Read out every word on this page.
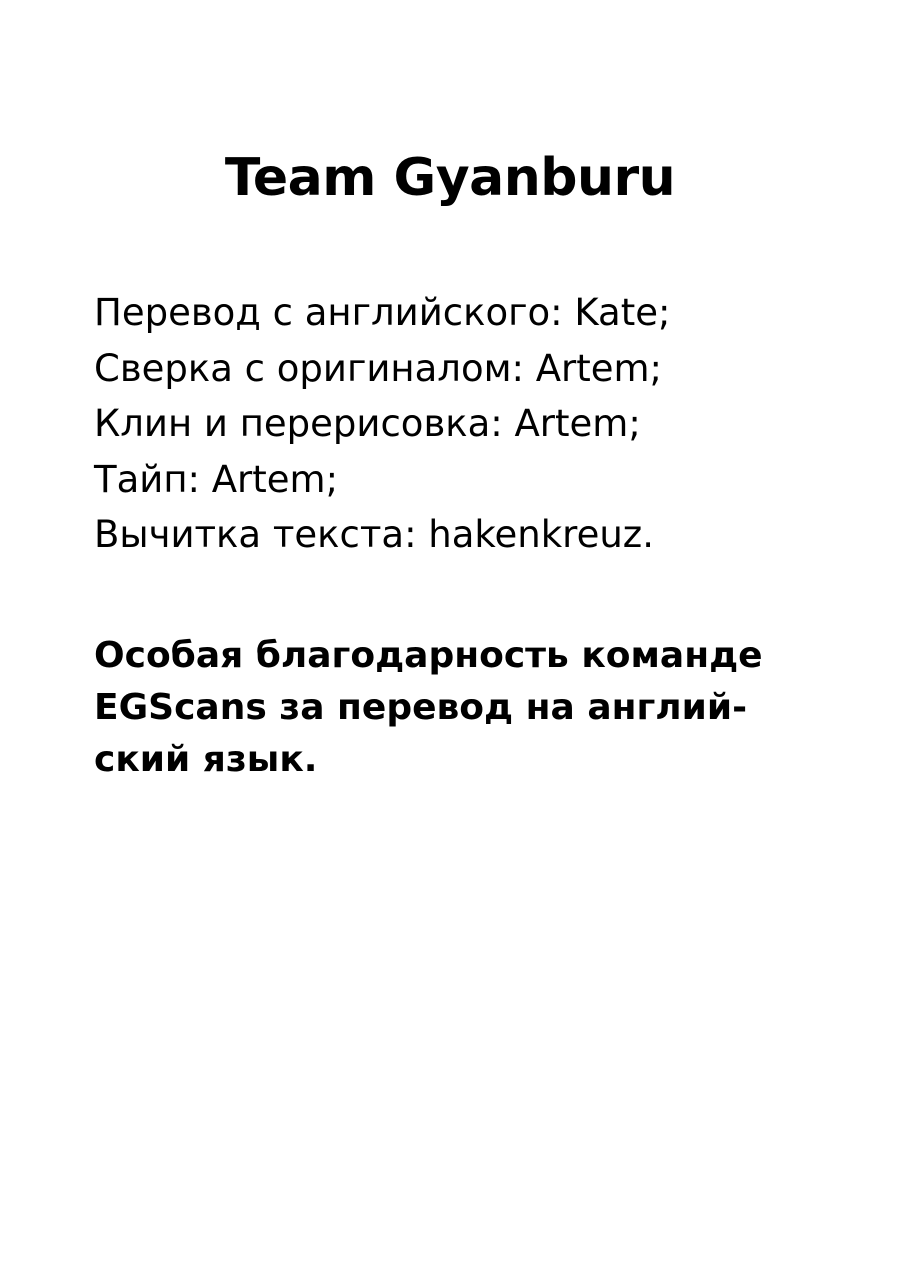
Team Gyanburu
Перевод с английского: Kate;
Сверка с оригиналом: Artem;
Клин и перерисовка: Artem;
Тайп: Artem;
Вычитка текста: hakenkreuz.
Особая благодарность команде
EGScans за перевод на англий-
ский язык.
